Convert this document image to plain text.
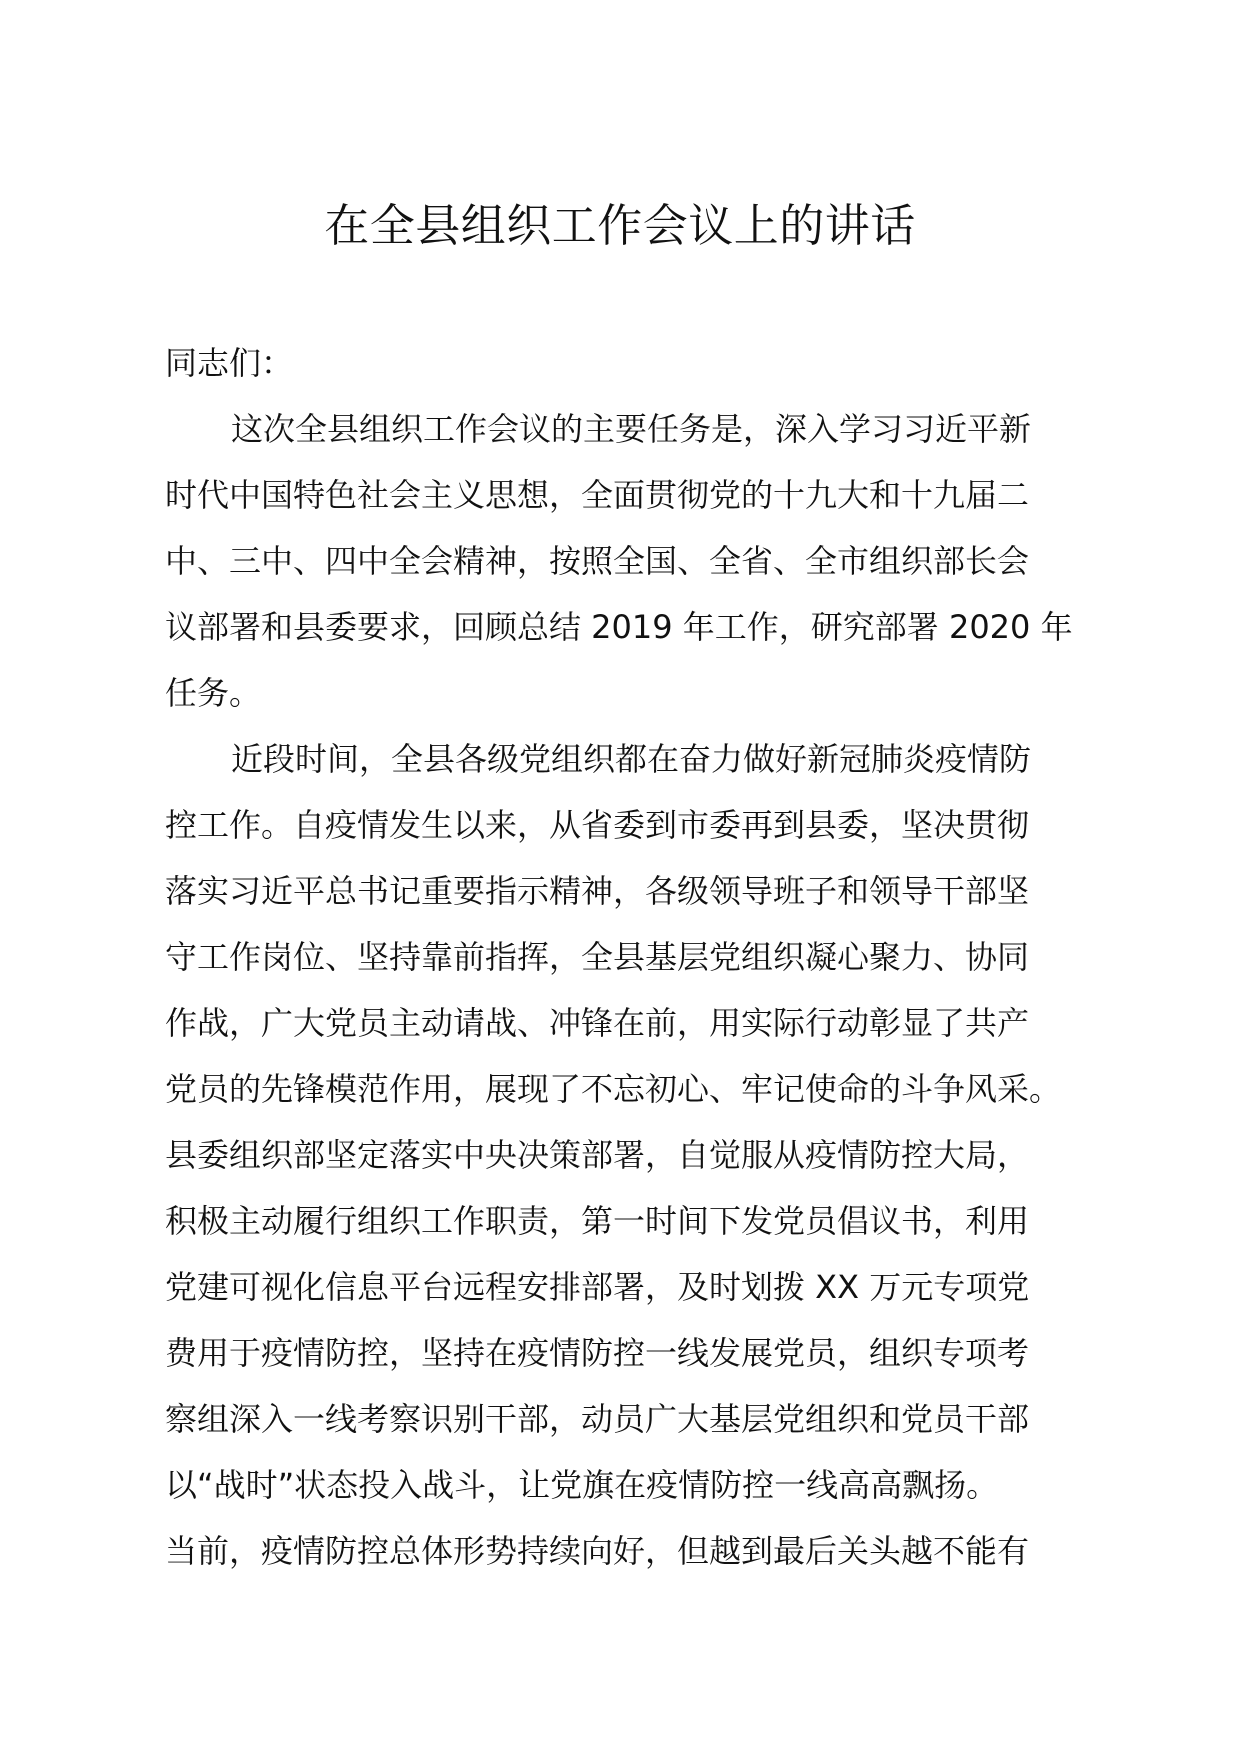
在全县组织工作会议上的讲话

同志们：

这次全县组织工作会议的主要任务是，深入学习习近平新
时代中国特色社会主义思想，全面贯彻党的十九大和十九届二
中、三中、四中全会精神，按照全国、全省、全市组织部长会
议部署和县委要求，回顾总结 2019 年工作，研究部署 2020 年
任务。

近段时间，全县各级党组织都在奋力做好新冠肺炎疫情防
控工作。自疫情发生以来，从省委到市委再到县委，坚决贯彻
落实习近平总书记重要指示精神，各级领导班子和领导干部坚
守工作岗位、坚持靠前指挥，全县基层党组织凝心聚力、协同
作战，广大党员主动请战、冲锋在前，用实际行动彰显了共产
党员的先锋模范作用，展现了不忘初心、牢记使命的斗争风采。
县委组织部坚定落实中央决策部署，自觉服从疫情防控大局，
积极主动履行组织工作职责，第一时间下发党员倡议书，利用
党建可视化信息平台远程安排部署，及时划拨 XX 万元专项党
费用于疫情防控，坚持在疫情防控一线发展党员，组织专项考
察组深入一线考察识别干部，动员广大基层党组织和党员干部
以“战时”状态投入战斗，让党旗在疫情防控一线高高飘扬。
当前，疫情防控总体形势持续向好，但越到最后关头越不能有
